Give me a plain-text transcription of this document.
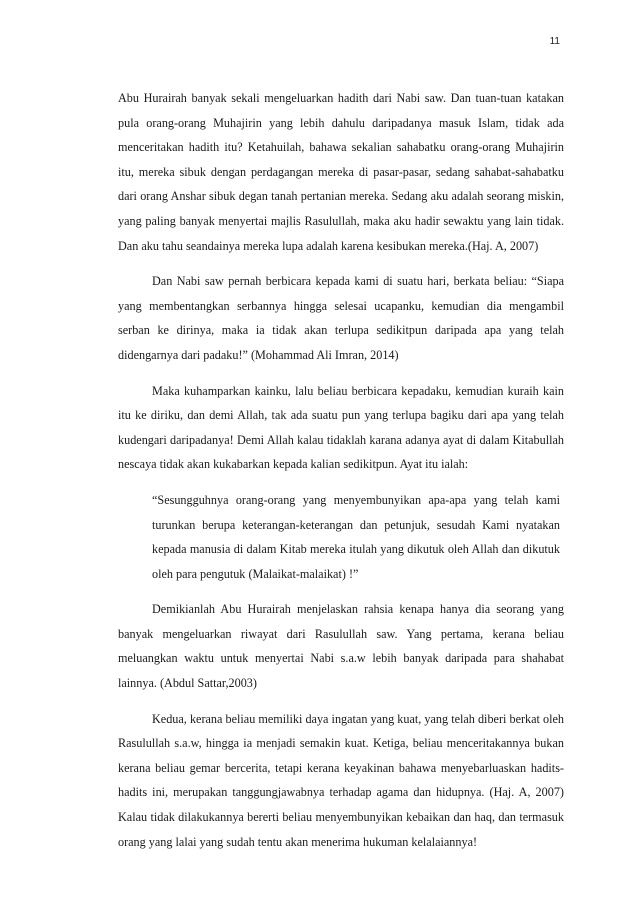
11

Abu Hurairah banyak sekali mengeluarkan hadith dari Nabi saw. Dan tuan-tuan katakan pula orang-orang Muhajirin yang lebih dahulu daripadanya masuk Islam, tidak ada menceritakan hadith itu? Ketahuilah, bahawa sekalian sahabatku orang-orang Muhajirin itu, mereka sibuk dengan perdagangan mereka di pasar-pasar, sedang sahabat-sahabatku dari orang Anshar sibuk degan tanah pertanian mereka. Sedang aku adalah seorang miskin, yang paling banyak menyertai majlis Rasulullah, maka aku hadir sewaktu yang lain tidak. Dan aku tahu seandainya mereka lupa adalah karena kesibukan mereka.(Haj. A, 2007)

Dan Nabi saw pernah berbicara kepada kami di suatu hari, berkata beliau: “Siapa yang membentangkan serbannya hingga selesai ucapanku, kemudian dia mengambil serban ke dirinya, maka ia tidak akan terlupa sedikitpun daripada apa yang telah didengarnya dari padaku!” (Mohammad Ali Imran, 2014)

Maka kuhamparkan kainku, lalu beliau berbicara kepadaku, kemudian kuraih kain itu ke diriku, dan demi Allah, tak ada suatu pun yang terlupa bagiku dari apa yang telah kudengari daripadanya! Demi Allah kalau tidaklah karana adanya ayat di dalam Kitabullah nescaya tidak akan kukabarkan kepada kalian sedikitpun. Ayat itu ialah:

“Sesungguhnya orang-orang yang menyembunyikan apa-apa yang telah kami turunkan berupa keterangan-keterangan dan petunjuk, sesudah Kami nyatakan kepada manusia di dalam Kitab mereka itulah yang dikutuk oleh Allah dan dikutuk oleh para pengutuk (Malaikat-malaikat) !”

Demikianlah Abu Hurairah menjelaskan rahsia kenapa hanya dia seorang yang banyak mengeluarkan riwayat dari Rasulullah saw. Yang pertama, kerana beliau meluangkan waktu untuk menyertai Nabi s.a.w lebih banyak daripada para shahabat lainnya. (Abdul Sattar,2003)

Kedua, kerana beliau memiliki daya ingatan yang kuat, yang telah diberi berkat oleh Rasulullah s.a.w, hingga ia menjadi semakin kuat. Ketiga, beliau menceritakannya bukan kerana beliau gemar bercerita, tetapi kerana keyakinan bahawa menyebarluaskan hadits-hadits ini, merupakan tanggungjawabnya terhadap agama dan hidupnya. (Haj. A, 2007) Kalau tidak dilakukannya bererti beliau menyembunyikan kebaikan dan haq, dan termasuk orang yang lalai yang sudah tentu akan menerima hukuman kelalaiannya!
